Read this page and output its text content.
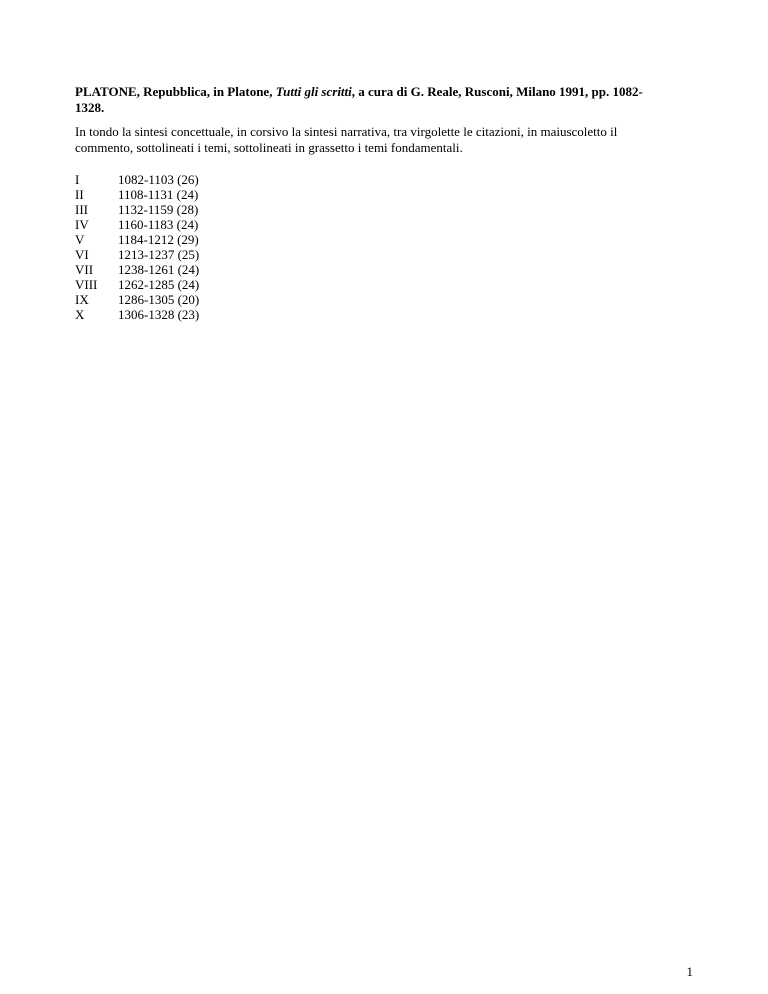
PLATONE, Repubblica, in Platone, Tutti gli scritti, a cura di G. Reale, Rusconi, Milano 1991, pp. 1082-
1328.
In tondo la sintesi concettuale, in corsivo la sintesi narrativa, tra virgolette le citazioni, in maiuscoletto il
commento, sottolineati i temi, sottolineati in grassetto i temi fondamentali.
I	1082-1103 (26)
II	1108-1131 (24)
III	1132-1159 (28)
IV	1160-1183 (24)
V	1184-1212 (29)
VI	1213-1237 (25)
VII	1238-1261 (24)
VIII	1262-1285 (24)
IX	1286-1305 (20)
X	1306-1328 (23)
1
